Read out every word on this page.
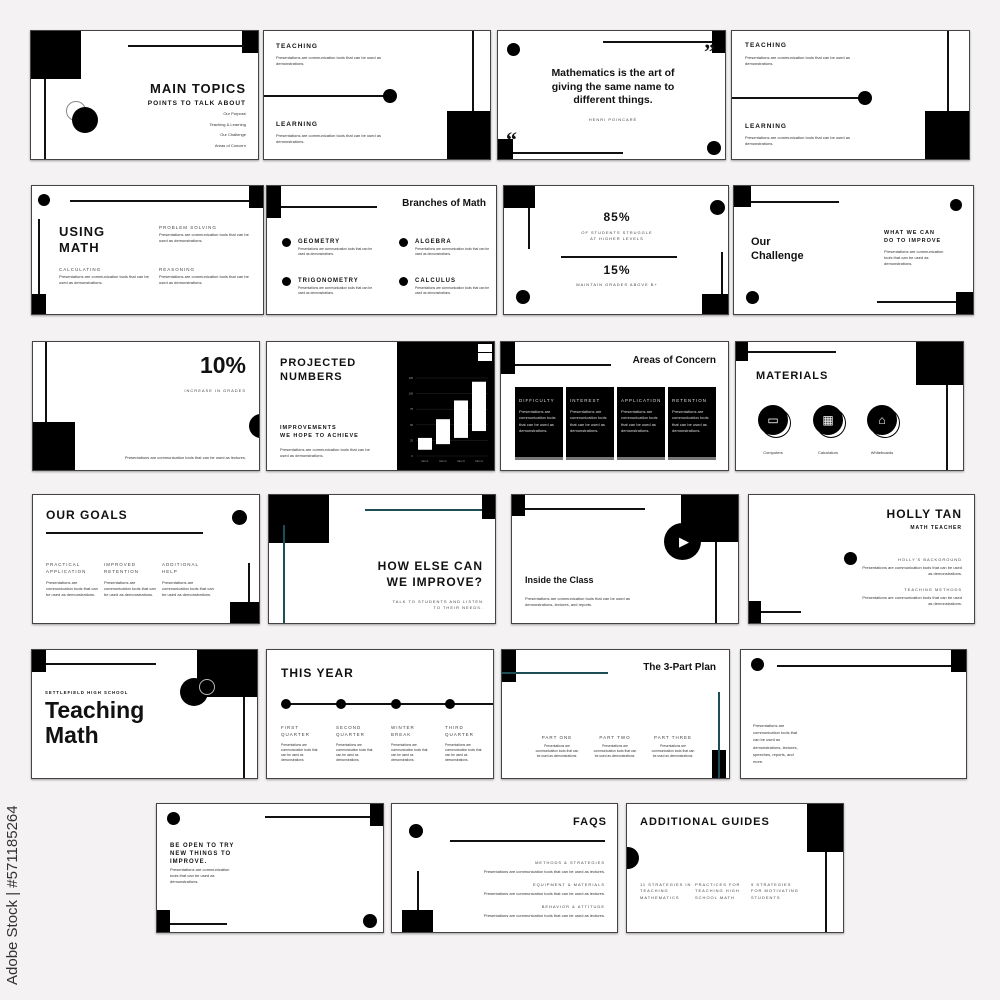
Adobe Stock | #571185264
MAIN TOPICS
POINTS TO TALK ABOUT

Our Purpose

Teaching & Learning

Our Challenge

Areas of Concern

TEACHING
Presentations are communication tools that can be used as demonstrations.
LEARNING
Presentations are communication tools that can be used as demonstrations.
”
Mathematics is the art of giving the same name to different things.
HENRI POINCARÉ
“
TEACHING
Presentations are communication tools that can be used as demonstrations.
LEARNING
Presentations are communication tools that can be used as demonstrations.
USING
MATH
PROBLEM SOLVING
Presentations are communication tools that can be used as demonstrations.
CALCULATING
Presentations are communication tools that can be used as demonstrations.
REASONING
Presentations are communication tools that can be used as demonstrations.
Branches of Math
GEOMETRY
Presentations are communication tools that can be used as demonstrations.
ALGEBRA
Presentations are communication tools that can be used as demonstrations.
TRIGONOMETRY
Presentations are communication tools that can be used as demonstrations.
CALCULUS
Presentations are communication tools that can be used as demonstrations.
85%
OF STUDENTS STRUGGLE
AT HIGHER LEVELS
15%
MAINTAIN GRADES ABOVE B+
Our
Challenge
WHAT WE CAN
DO TO IMPROVE
Presentations are communication tools that can be used as demonstrations.
10%
INCREASE IN GRADES
Presentations are communication tools that can be used as lectures.
PROJECTED
NUMBERS
IMPROVEMENTS
WE HOPE TO ACHIEVE
Presentations are communication tools that can be used as demonstrations.	0
25
50
75
100
125
Item 1	Item 2	Item 3	Item 4
Areas of Concern
DIFFICULTY
Presentations are communication tools that can be used as demonstrations.
INTEREST
Presentations are communication tools that can be used as demonstrations.
APPLICATION
Presentations are communication tools that can be used as demonstrations.
RETENTION
Presentations are communication tools that can be used as demonstrations.
MATERIALS
▭	▦	⌂
Computers	Calculators	Whiteboards
OUR GOALS
PRACTICAL
APPLICATION
Presentations are communication tools that can be used as demonstrations.
IMPROVED
RETENTION
Presentations are communication tools that can be used as demonstrations.
ADDITIONAL
HELP
Presentations are communication tools that can be used as demonstrations.
HOW ELSE CAN
WE IMPROVE?
TALK TO STUDENTS AND LISTEN
TO THEIR NEEDS.
▶
Inside the Class
Presentations are communication tools that can be used as demonstrations, lectures, and reports.
HOLLY TAN
MATH TEACHER
HOLLY'S BACKGROUND
Presentations are communication tools that can be used as demonstrations.
TEACHING METHODS
Presentations are communication tools that can be used as demonstrations.
SETTLEFIELD HIGH SCHOOL
Teaching
Math
THIS YEAR
FIRST
QUARTER
Presentations are communication tools that can be used as demonstrations.
SECOND
QUARTER
Presentations are communication tools that can be used as demonstrations.
WINTER
BREAK
Presentations are communication tools that can be used as demonstrations.
THIRD
QUARTER
Presentations are communication tools that can be used as demonstrations.
The 3-Part Plan
PART ONE
Presentations are communication tools that can be used as demonstrations.
PART TWO
Presentations are communication tools that can be used as demonstrations.
PART THREE
Presentations are communication tools that can be used as demonstrations.
Presentations are communication tools that can be used as demonstrations, lectures, speeches, reports, and more.
BE OPEN TO TRY
NEW THINGS TO
IMPROVE.
Presentations are communication tools that can be used as demonstrations.
FAQS
METHODS & STRATEGIES
Presentations are communication tools that can be used as lectures.
EQUIPMENT & MATERIALS
Presentations are communication tools that can be used as lectures.
BEHAVIOR & ATTITUDE
Presentations are communication tools that can be used as lectures.
ADDITIONAL GUIDES
11 STRATEGIES IN
TEACHING
MATHEMATICS
PRACTICES FOR
TEACHING HIGH
SCHOOL MATH
9 STRATEGIES
FOR MOTIVATING
STUDENTS
